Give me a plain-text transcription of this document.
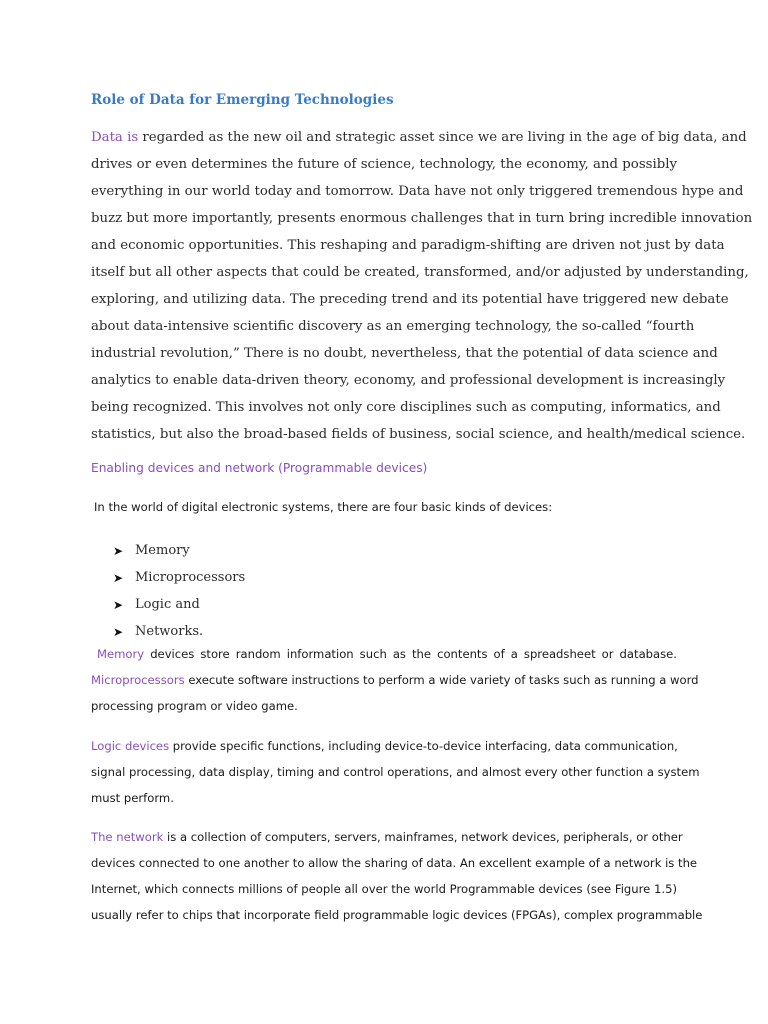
Role of Data for Emerging Technologies
Data is regarded as the new oil and strategic asset since we are living in the age of big data, and
drives or even determines the future of science, technology, the economy, and possibly
everything in our world today and tomorrow. Data have not only triggered tremendous hype and
buzz but more importantly, presents enormous challenges that in turn bring incredible innovation
and economic opportunities. This reshaping and paradigm-shifting are driven not just by data
itself but all other aspects that could be created, transformed, and/or adjusted by understanding,
exploring, and utilizing data. The preceding trend and its potential have triggered new debate
about data-intensive scientific discovery as an emerging technology, the so-called “fourth
industrial revolution,” There is no doubt, nevertheless, that the potential of data science and
analytics to enable data-driven theory, economy, and professional development is increasingly
being recognized. This involves not only core disciplines such as computing, informatics, and
statistics, but also the broad-based fields of business, social science, and health/medical science.
Enabling devices and network (Programmable devices)
In the world of digital electronic systems, there are four basic kinds of devices:
➤ Memory
➤ Microprocessors
➤ Logic and
➤ Networks.
Memory devices store random information such as the contents of a spreadsheet or database.
Microprocessors execute software instructions to perform a wide variety of tasks such as running a word
processing program or video game.
Logic devices provide specific functions, including device-to-device interfacing, data communication,
signal processing, data display, timing and control operations, and almost every other function a system
must perform.
The network is a collection of computers, servers, mainframes, network devices, peripherals, or other
devices connected to one another to allow the sharing of data. An excellent example of a network is the
Internet, which connects millions of people all over the world Programmable devices (see Figure 1.5)
usually refer to chips that incorporate field programmable logic devices (FPGAs), complex programmable
